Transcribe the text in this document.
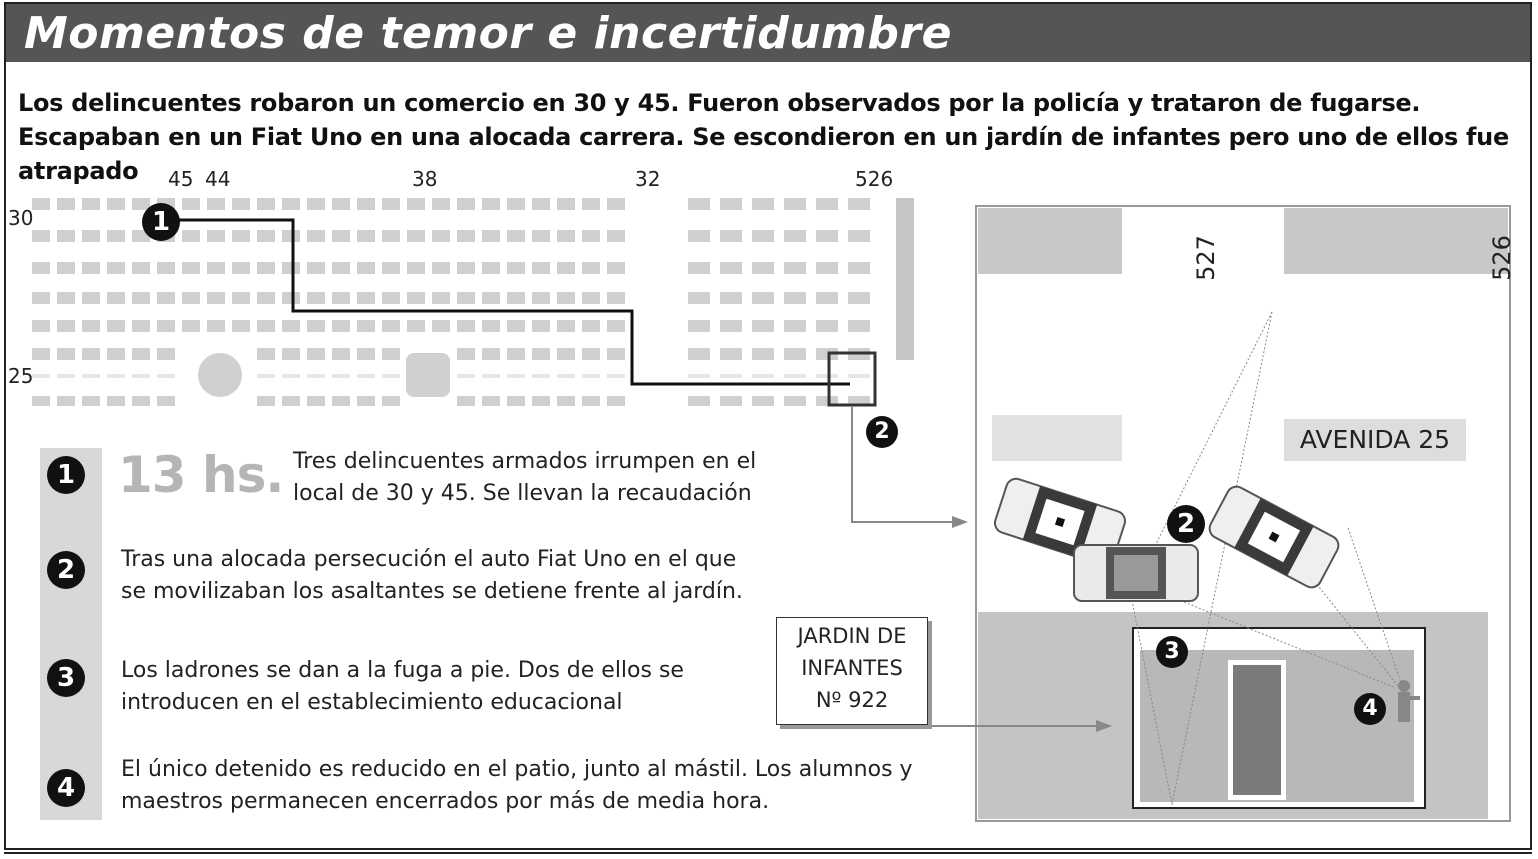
Momentos de temor e incertidumbre

Los delincuentes robaron un comercio en 30 y 45. Fueron observados por la policía y trataron de fugarse. Escapaban en un Fiat Uno en una alocada carrera. Se escondieron en un jardín de infantes pero uno de ellos fue atrapado	45 44	38	32	526
30
25
1
2
1
2
3
4
13 hs. Tres delincuentes armados irrumpen en el
local de 30 y 45. Se llevan la recaudación
Tras una alocada persecución el auto Fiat Uno en el que
se movilizaban los asaltantes se detiene frente al jardín.
Los ladrones se dan a la fuga a pie. Dos de ellos se
introducen en el establecimiento educacional
El único detenido es reducido en el patio, junto al mástil. Los alumnos y
maestros permanecen encerrados por más de media hora.
527	526
AVENIDA 25
JARDIN DE
INFANTES
Nº 922
2
3
4
